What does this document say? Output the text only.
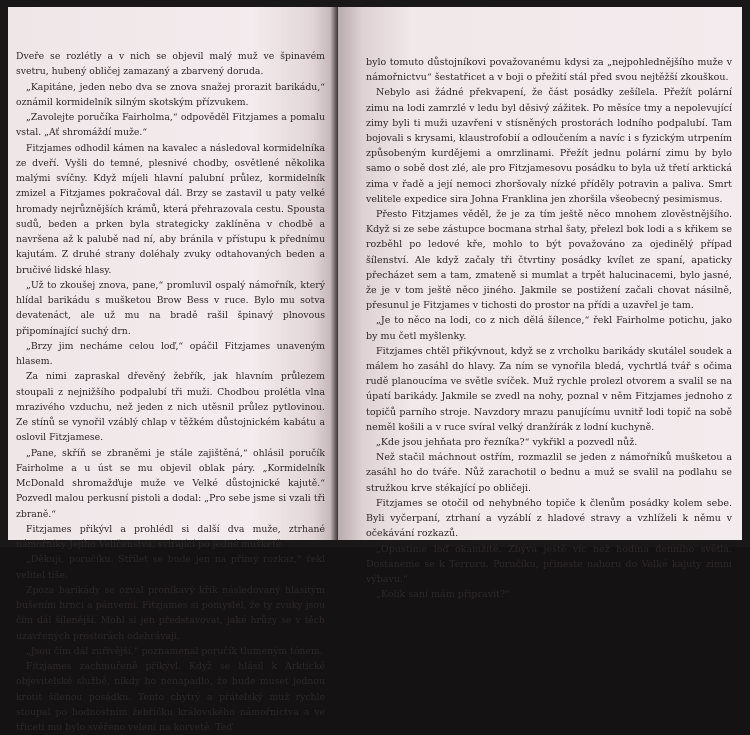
Dveře se rozlétly a v nich se objevil malý muž ve špinavém svetru, hubený obličej zamazaný a zbarvený doruda.

„Kapitáne, jeden nebo dva se znova snažej prorazit barikádu,“ oznámil kormidelník silným skotským přízvukem.

„Zavolejte poručíka Fairholma,“ odpověděl Fitzjames a pomalu vstal. „Ať shromáždí muže.“

Fitzjames odhodil kámen na kavalec a následoval kormidelníka ze dveří. Vyšli do temné, plesnivé chodby, osvětlené několika malými svíčny. Když míjeli hlavní palubní průlez, kormidelník zmizel a Fitzjames pokračoval dál. Brzy se zastavil u paty velké hromady nejrůznějších krámů, která přehrazovala cestu. Spousta sudů, beden a prken byla strategicky zaklíněna v chodbě a navršena až k palubě nad ní, aby bránila v přístupu k přednímu kajutám. Z druhé strany doléhaly zvuky odtahovaných beden a bručivé lidské hlasy.

„Už to zkoušej znova, pane,“ promluvil ospalý námořník, který hlídal barikádu s mušketou Brow Bess v ruce. Bylo mu sotva devatenáct, ale už mu na bradě rašil špinavý plnovous připomínající suchý drn.

„Brzy jim nechámе celou loď,“ opáčil Fitzjames unaveným hlasem.

Za nimi zapraskal dřevěný žebřík, jak hlavním průlezem stoupali z nejnižšího podpalubí tři muži. Chodbou prolétla vlna mrazivého vzduchu, než jeden z nich utěsnil průlez pytlovinou. Ze stínů se vynořil vzáblý chlap v těžkém důstojnickém kabátu a oslovil Fitzjamese.

„Pane, skříň se zbraněmi je stále zajištěná,“ ohlásil poručík Fairholme a u úst se mu objevil oblak páry. „Kormidelník McDonald shromažďuje muže ve Velké důstojnické kajutě.“ Pozvedl malou perkusní pistoli a dodal: „Pro sebe jsme si vzali tři zbraně.“

Fitzjames přikývl a prohlédl si další dva muže, ztrhané námořníky Jejího Veličenstva, svírající po jedné mušketě.

„Děkuji, poručíku. Střílet se bude jen na přímý rozkaz,“ řekl velitel tiše.

Zpoza barikády se ozval pronikavý křik následovaný hlasitým bušením hrnci a pánvemi. Fitzjames si pomyslel, že ty zvuky jsou čím dál šílenější. Mohl si jen představovat, jaké hrůzy se v těch uzavřených prostorách odehrávají.

„Jsou čím dál zuřivější,“ poznamenal poručík tlumeným tónem.

Fitzjames zachmuřeně přikývl. Když se hlásil k Arktické objevitelské službě, nikdy ho nenapadlo, že bude muset jednou krotit šílenou posádku. Tento chytrý a přátelský muž rychle stoupal po hodnostním žebříčku královského námořnictva a ve třiceti mu bylo svěřeno velení na korvetě. Teď

bylo tomuto důstojníkovi považovanému kdysi za „nejpohlednějšího muže v námořnictvu“ šestatřicet a v boji o přežití stál před svou nejtěžší zkouškou.

Nebylo asi žádné překvapení, že část posádky zešílela. Přežít polární zimu na lodi zamrzlé v ledu byl děsivý zážitek. Po měsíce tmy a nepolevující zimy byli ti muži uzavřeni v stísněných prostorách lodního podpalubí. Tam bojovali s krysami, klaustrofobií a odloučením a navíc i s fyzickým utrpením způsobeným kurdějemi a omrzlinami. Přežít jednu polární zimu by bylo samo o sobě dost zlé, ale pro Fitzjamesovu posádku to byla už třetí arktická zima v řadě a její nemoci zhoršovaly nízké příděly potravin a paliva. Smrt velitele expedice sira Johna Franklina jen zhoršila všeobecný pesimismus.

Přesto Fitzjames věděl, že je za tím ještě něco mnohem zlověstnějšího. Když si ze sebe zástupce bocmana strhal šaty, přelezl bok lodi a s křikem se rozběhl po ledové kře, mohlo to být považováno za ojedinělý případ šílenství. Ale když začaly tři čtvrtiny posádky kvílet ze spaní, apaticky přecházet sem a tam, zmateně si mumlat a trpět halucinacemi, bylo jasné, že je v tom ještě něco jiného. Jakmile se postižení začali chovat násilně, přesunul je Fitzjames v tichosti do prostor na přídi a uzavřel je tam.

„Je to něco na lodi, co z nich dělá šílence,“ řekl Fairholme potichu, jako by mu četl myšlenky.

Fitzjames chtěl přikývnout, když se z vrcholku barikády skutálel soudek a málem ho zasáhl do hlavy. Za ním se vynořila bledá, vychrtlá tvář s očima rudě planoucíma ve světle svíček. Muž rychle prolezl otvorem a svalil se na úpatí barikády. Jakmile se zvedl na nohy, poznal v něm Fitzjames jednoho z topičů parního stroje. Navzdory mrazu panujícímu uvnitř lodi topič na sobě neměl košili a v ruce svíral velký dranžírák z lodní kuchyně.

„Kde jsou jehňata pro řezníka?“ vykřikl a pozvedl nůž.

Než stačil máchnout ostřím, rozmazlil se jeden z námořníků mušketou a zasáhl ho do tváře. Nůž zarachotil o bednu a muž se svalil na podlahu se stružkou krve stékající po obličeji.

Fitzjames se otočil od nehybného topiče k členům posádky kolem sebe. Byli vyčerpaní, ztrhaní a vyzáblí z hladové stravy a vzhlíželi k němu v očekávání rozkazů.

„Opustíme loď okamžitě. Zbývá ještě víc než hodina denního světla. Dostaneme se k Terroru. Poručíku, přineste nahoru do Velké kajuty zimní výbavu.“

„Kolik saní mám připravit?“
